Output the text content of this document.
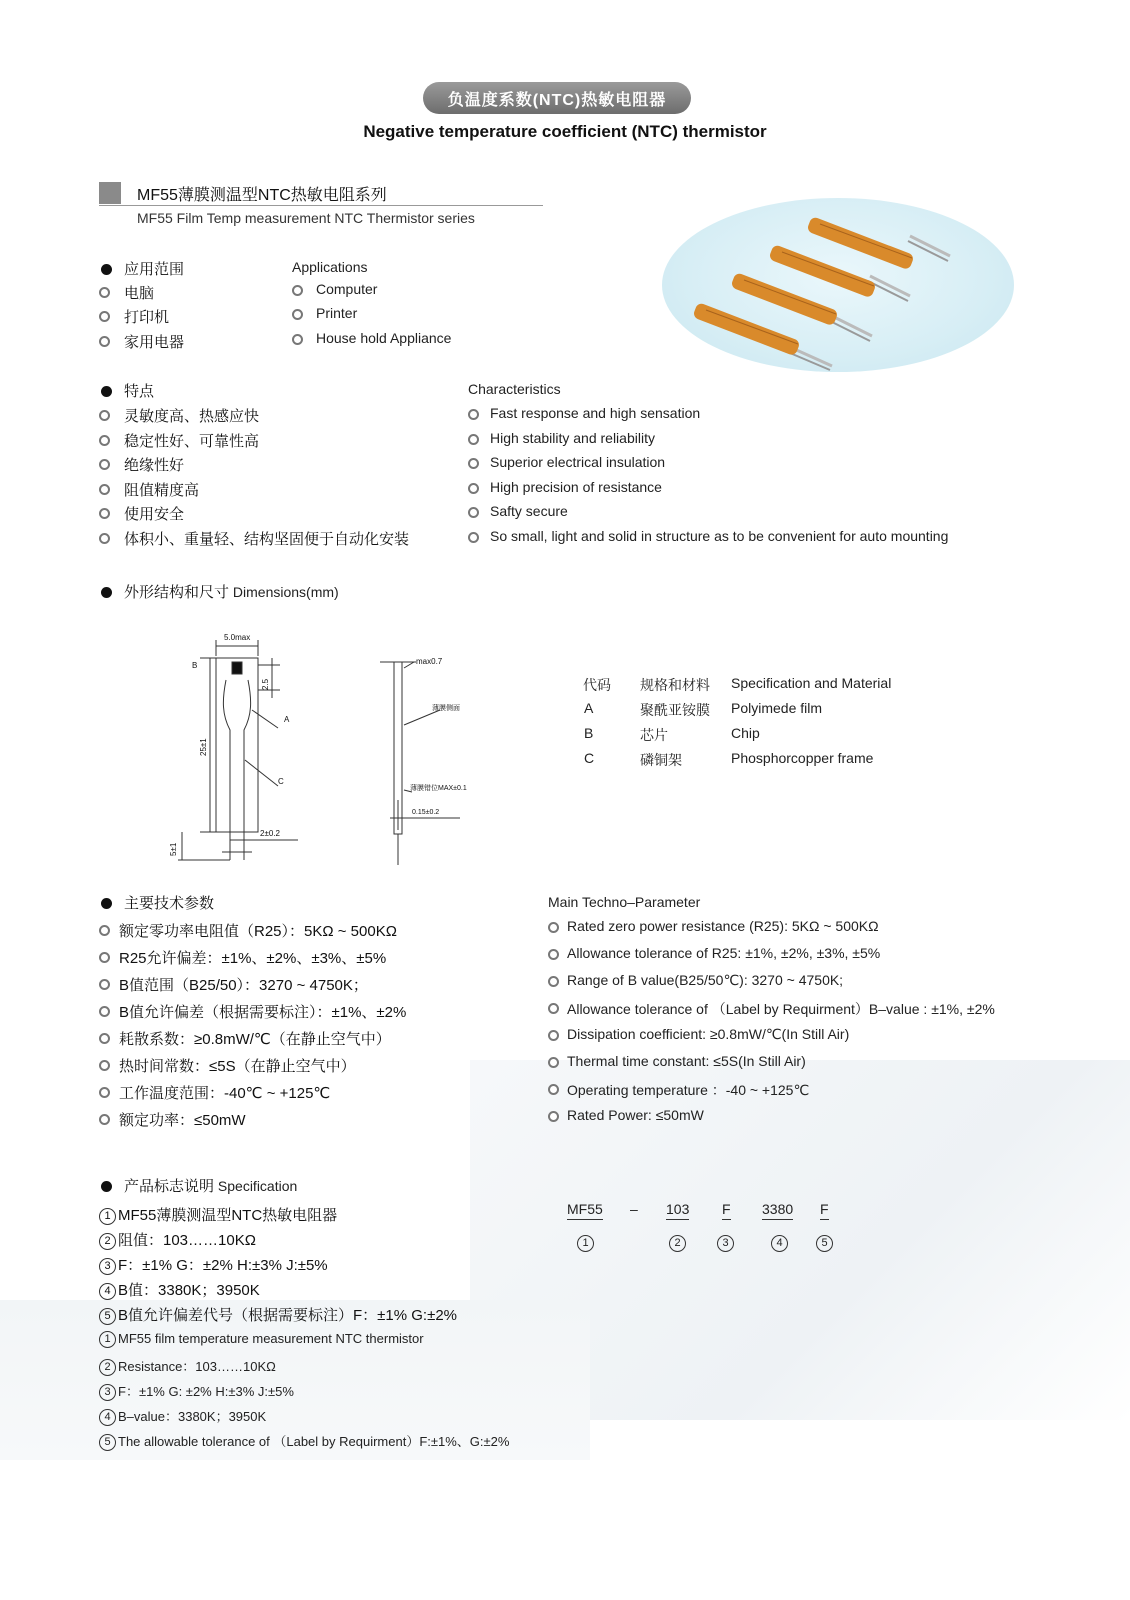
负温度系数(NTC)热敏电阻器
Negative temperature coefficient (NTC) thermistor
MF55薄膜测温型NTC热敏电阻系列
MF55 Film Temp measurement NTC Thermistor series
应用范围	Applications
电脑
打印机
家用电器
Computer
Printer
House hold Appliance
特点	Characteristics
灵敏度高、热感应快
稳定性好、可靠性高
绝缘性好
阻值精度高
使用安全
体积小、重量轻、结构坚固便于自动化安装
Fast response and high sensation
High stability and reliability
Superior electrical insulation
High precision of resistance
Safty secure
So small, light and solid in structure as to be convenient for auto mounting
外形结构和尺寸 Dimensions(mm)
5.0max
B
A
C
2.5
25±1
5±1
2±0.2
max0.7
薄膜侧面
薄膜错位MAX±0.1
0.15±0.2
代码 规格和材料 Specification and Material
A	聚酰亚铵膜 Polyimede film
B	芯片	Chip
C	磷铜架	Phosphorcopper frame
主要技术参数	Main Techno–Parameter
额定零功率电阻值（R25）：5KΩ ~ 500KΩ
R25允许偏差：±1%、±2%、±3%、±5%
B值范围（B25/50）：3270 ~ 4750K；
B值允许偏差（根据需要标注）：±1%、±2%
耗散系数：≥0.8mW/℃（在静止空气中）
热时间常数：≤5S（在静止空气中）
工作温度范围：-40℃ ~ +125℃
额定功率：≤50mW
Rated zero power resistance (R25): 5KΩ ~ 500KΩ
Allowance tolerance of R25: ±1%, ±2%, ±3%, ±5%
Range of B value(B25/50℃): 3270 ~ 4750K;
Allowance tolerance of （Label by Requirment）B–value : ±1%, ±2%
Dissipation coefficient: ≥0.8mW/℃(In Still Air)
Thermal time constant: ≤5S(In Still Air)
Operating temperature ：-40 ~ +125℃
Rated Power: ≤50mW
产品标志说明 Specification
MF55 – 103 F 3380 F
1	2	3	4	5
1 MF55薄膜测温型NTC热敏电阻器
2 阻值：103……10KΩ
3 F：±1% G：±2% H:±3% J:±5%
4 B值：3380K；3950K
5 B值允许偏差代号（根据需要标注）F：±1% G:±2%
1 MF55 film temperature measurement NTC thermistor
2 Resistance：103……10KΩ
3 F：±1% G: ±2% H:±3% J:±5%
4 B–value：3380K；3950K
5 The allowable tolerance of （Label by Requirment）F:±1%、G:±2%
